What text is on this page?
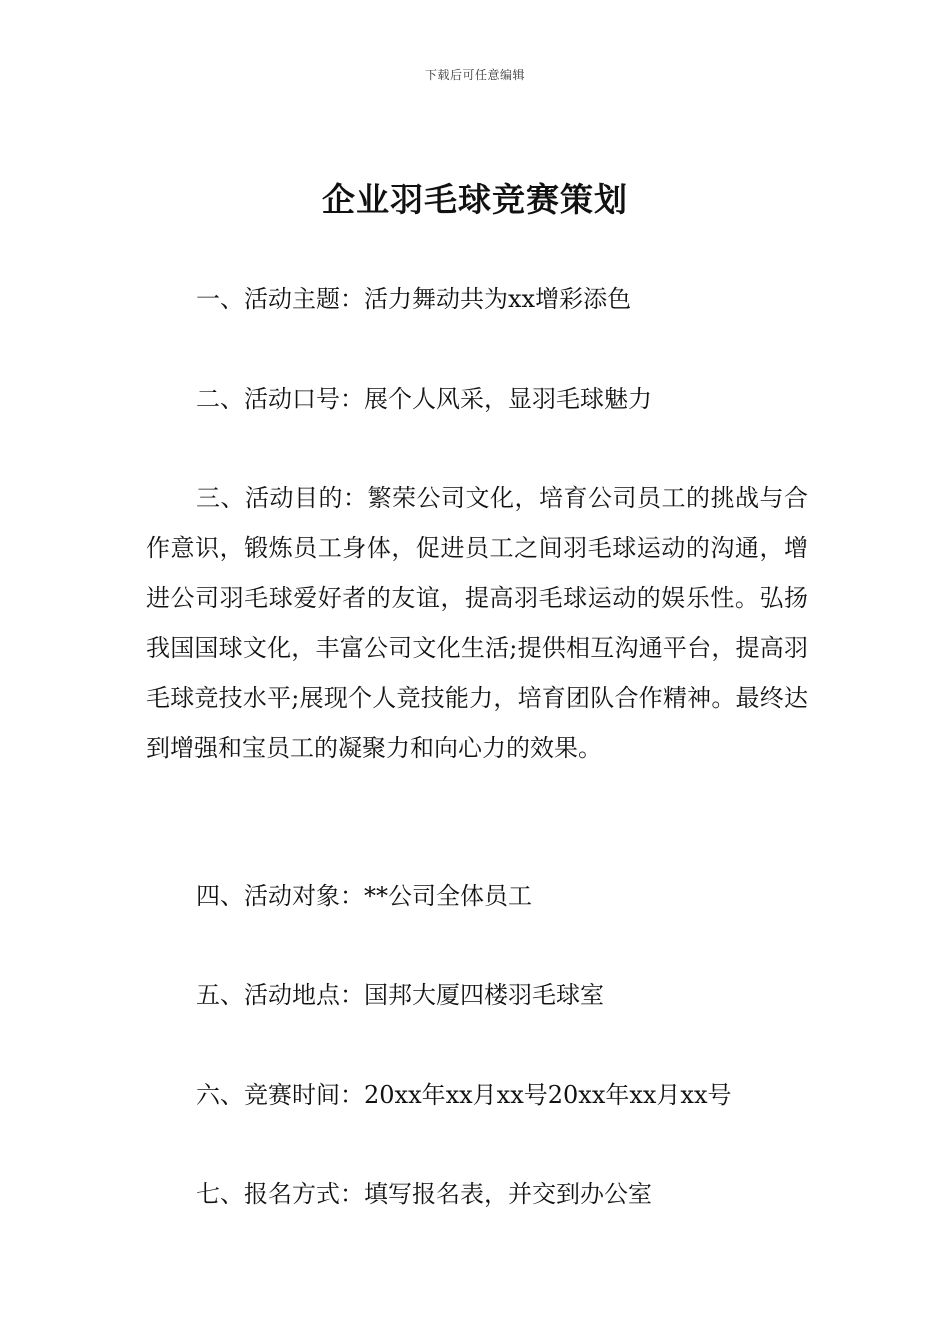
下载后可任意编辑
企业羽毛球竞赛策划

一、活动主题：活力舞动共为xx增彩添色

二、活动口号：展个人风采，显羽毛球魅力

三、活动目的：繁荣公司文化，培育公司员工的挑战与合作意识，锻炼员工身体，促进员工之间羽毛球运动的沟通，增进公司羽毛球爱好者的友谊，提高羽毛球运动的娱乐性。弘扬我国国球文化，丰富公司文化生活;提供相互沟通平台，提高羽毛球竞技水平;展现个人竞技能力，培育团队合作精神。最终达到增强和宝员工的凝聚力和向心力的效果。

四、活动对象：**公司全体员工

五、活动地点：国邦大厦四楼羽毛球室

六、竞赛时间：20xx年xx月xx号20xx年xx月xx号

七、报名方式：填写报名表，并交到办公室
